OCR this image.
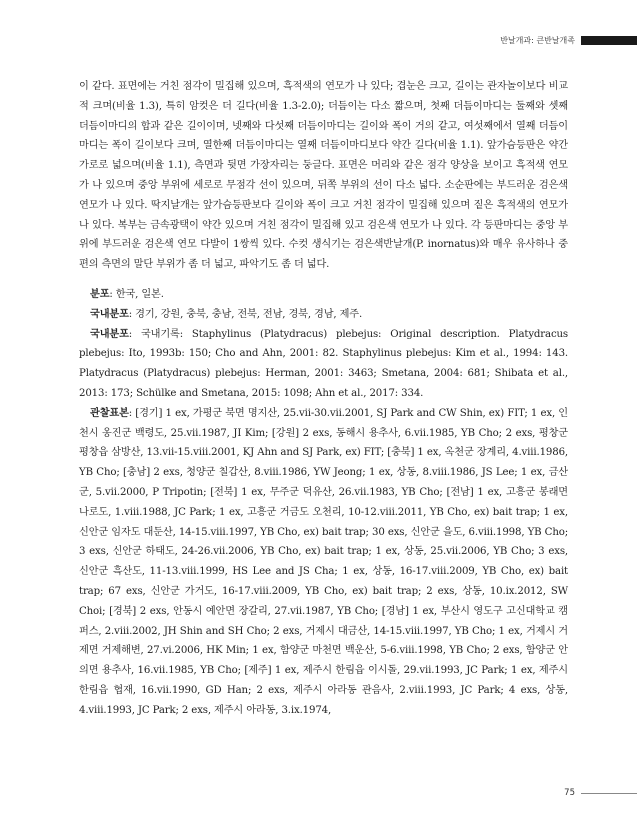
반날개과: 큰반날개족

이 같다. 표면에는 거친 점각이 밀집해 있으며, 흑적색의 연모가 나 있다; 겹눈은 크고, 길이는 관자놀이보다 비교적 크며(비율 1.3), 특히 암컷은 더 길다(비율 1.3-2.0); 더듬이는 다소 짧으며, 첫째 더듬이마디는 둘째와 셋째 더듬이마디의 합과 같은 길이이며, 넷째와 다섯째 더듬이마디는 길이와 폭이 거의 같고, 여섯째에서 열째 더듬이마디는 폭이 길이보다 크며, 열한째 더듬이마디는 열째 더듬이마디보다 약간 길다(비율 1.1). 앞가슴등판은 약간 가로로 넓으며(비율 1.1), 측면과 뒷면 가장자리는 둥글다. 표면은 머리와 같은 점각 양상을 보이고 흑적색 연모가 나 있으며 중앙 부위에 세로로 무점각 선이 있으며, 뒤쪽 부위의 선이 다소 넓다. 소순판에는 부드러운 검은색 연모가 나 있다. 딱지날개는 앞가슴등판보다 길이와 폭이 크고 거친 점각이 밀집해 있으며 짙은 흑적색의 연모가 나 있다. 복부는 금속광택이 약간 있으며 거친 점각이 밀집해 있고 검은색 연모가 나 있다. 각 등판마디는 중앙 부위에 부드러운 검은색 연모 다발이 1쌍씩 있다. 수컷 생식기는 검은색반날개(P. inornatus)와 매우 유사하나 중편의 측면의 말단 부위가 좀 더 넓고, 파악기도 좀 더 넓다.

분포: 한국, 일본.

국내분포: 경기, 강원, 충북, 충남, 전북, 전남, 경북, 경남, 제주.

국내분포: 국내기록: Staphylinus (Platydracus) plebejus: Original description. Platydracus plebejus: Ito, 1993b: 150; Cho and Ahn, 2001: 82. Staphylinus plebejus: Kim et al., 1994: 143. Platydracus (Platydracus) plebejus: Herman, 2001: 3463; Smetana, 2004: 681; Shibata et al., 2013: 173; Schülke and Smetana, 2015: 1098; Ahn et al., 2017: 334.

관찰표본: [경기] 1 ex, 가평군 북면 명지산, 25.vii-30.vii.2001, SJ Park and CW Shin, ex) FIT; 1 ex, 인천시 옹진군 백령도, 25.vii.1987, JI Kim; [강원] 2 exs, 동해시 용추사, 6.vii.1985, YB Cho; 2 exs, 평창군 평창읍 삼방산, 13.vii-15.viii.2001, KJ Ahn and SJ Park, ex) FIT; [충북] 1 ex, 옥천군 장계리, 4.viii.1986, YB Cho; [충남] 2 exs, 청양군 칠갑산, 8.viii.1986, YW Jeong; 1 ex, 상동, 8.viii.1986, JS Lee; 1 ex, 금산군, 5.vii.2000, P Tripotin; [전북] 1 ex, 무주군 덕유산, 26.vii.1983, YB Cho; [전남] 1 ex, 고흥군 봉래면 나로도, 1.viii.1988, JC Park; 1 ex, 고흥군 거금도 오천리, 10-12.viii.2011, YB Cho, ex) bait trap; 1 ex, 신안군 임자도 대둔산, 14-15.viii.1997, YB Cho, ex) bait trap; 30 exs, 신안군 을도, 6.viii.1998, YB Cho; 3 exs, 신안군 하태도, 24-26.vii.2006, YB Cho, ex) bait trap; 1 ex, 상동, 25.vii.2006, YB Cho; 3 exs, 신안군 흑산도, 11-13.viii.1999, HS Lee and JS Cha; 1 ex, 상동, 16-17.viii.2009, YB Cho, ex) bait trap; 67 exs, 신안군 가거도, 16-17.viii.2009, YB Cho, ex) bait trap; 2 exs, 상동, 10.ix.2012, SW Choi; [경북] 2 exs, 안동시 예안면 장갈리, 27.vii.1987, YB Cho; [경남] 1 ex, 부산시 영도구 고신대학교 캠퍼스, 2.viii.2002, JH Shin and SH Cho; 2 exs, 거제시 대금산, 14-15.viii.1997, YB Cho; 1 ex, 거제시 거제면 거제해변, 27.vi.2006, HK Min; 1 ex, 함양군 마천면 백운산, 5-6.viii.1998, YB Cho; 2 exs, 함양군 안의면 용추사, 16.vii.1985, YB Cho; [제주] 1 ex, 제주시 한림읍 이시돌, 29.vii.1993, JC Park; 1 ex, 제주시 한림읍 협재, 16.vii.1990, GD Han; 2 exs, 제주시 아라동 관음사, 2.viii.1993, JC Park; 4 exs, 상동, 4.viii.1993, JC Park; 2 exs, 제주시 아라동, 3.ix.1974,

75
